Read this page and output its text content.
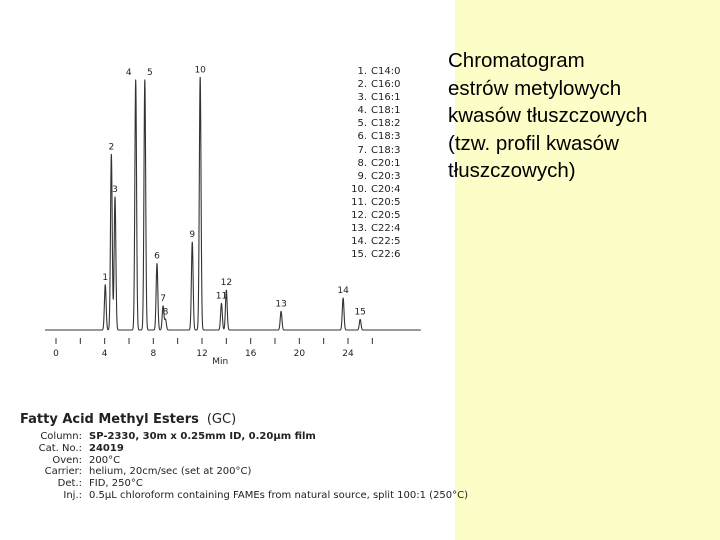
Chromatogram
estrów metylowych
kwasów tłuszczowych
(tzw. profil kwasów
tłuszczowych)

1
2
3
4 5
6
7
8
9
10
11
12
13
14
15
0	4	8	12	16	20	24
Min
1. C14:0
2. C16:0
3. C16:1
4. C18:1
5. C18:2
6. C18:3
7. C18:3
8. C20:1
9. C20:3
10. C20:4
11. C20:5
12. C20:5
13. C22:4
14. C22:5
15. C22:6
Fatty Acid Methyl Esters (GC)
Column: SP-2330, 30m x 0.25mm ID, 0.20µm film
Cat. No.: 24019
Oven: 200°C
Carrier: helium, 20cm/sec (set at 200°C)
Det.: FID, 250°C
Inj.: 0.5µL chloroform containing FAMEs from natural source, split 100:1 (250°C)
